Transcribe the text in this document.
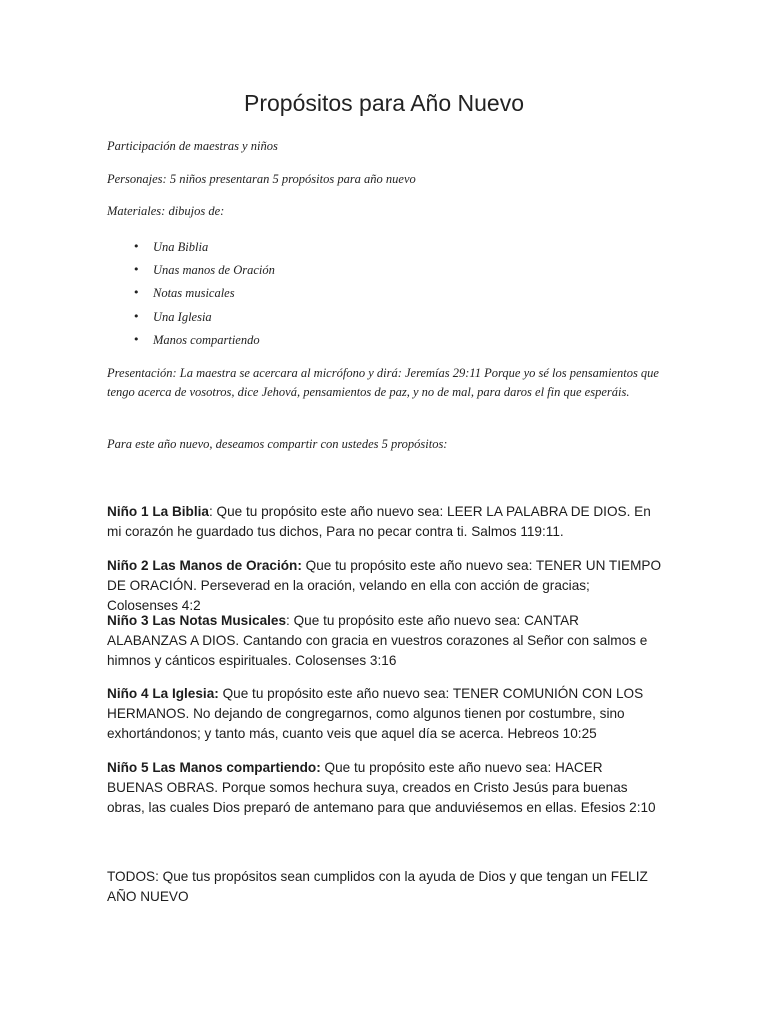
Propósitos para Año Nuevo
Participación de maestras y niños
Personajes: 5 niños presentaran 5 propósitos para año nuevo
Materiales: dibujos de:
• Una Biblia
• Unas manos de Oración
• Notas musicales
• Una Iglesia
• Manos compartiendo
Presentación: La maestra se acercara al micrófono y dirá: Jeremías 29:11 Porque yo sé los pensamientos que tengo acerca de vosotros, dice Jehová, pensamientos de paz, y no de mal, para daros el fin que esperáis.
Para este año nuevo, deseamos compartir con ustedes 5 propósitos:
Niño 1 La Biblia: Que tu propósito este año nuevo sea: LEER LA PALABRA DE DIOS. En mi corazón he guardado tus dichos, Para no pecar contra ti. Salmos 119:11.
Niño 2 Las Manos de Oración: Que tu propósito este año nuevo sea: TENER UN TIEMPO DE ORACIÓN. Perseverad en la oración, velando en ella con acción de gracias; Colosenses 4:2
Niño 3 Las Notas Musicales: Que tu propósito este año nuevo sea: CANTAR ALABANZAS A DIOS. Cantando con gracia en vuestros corazones al Señor con salmos e himnos y cánticos espirituales. Colosenses 3:16
Niño 4 La Iglesia: Que tu propósito este año nuevo sea: TENER COMUNIÓN CON LOS HERMANOS. No dejando de congregarnos, como algunos tienen por costumbre, sino exhortándonos; y tanto más, cuanto veis que aquel día se acerca. Hebreos 10:25
Niño 5 Las Manos compartiendo: Que tu propósito este año nuevo sea: HACER BUENAS OBRAS. Porque somos hechura suya, creados en Cristo Jesús para buenas obras, las cuales Dios preparó de antemano para que anduviésemos en ellas. Efesios 2:10
TODOS: Que tus propósitos sean cumplidos con la ayuda de Dios y que tengan un FELIZ AÑO NUEVO
